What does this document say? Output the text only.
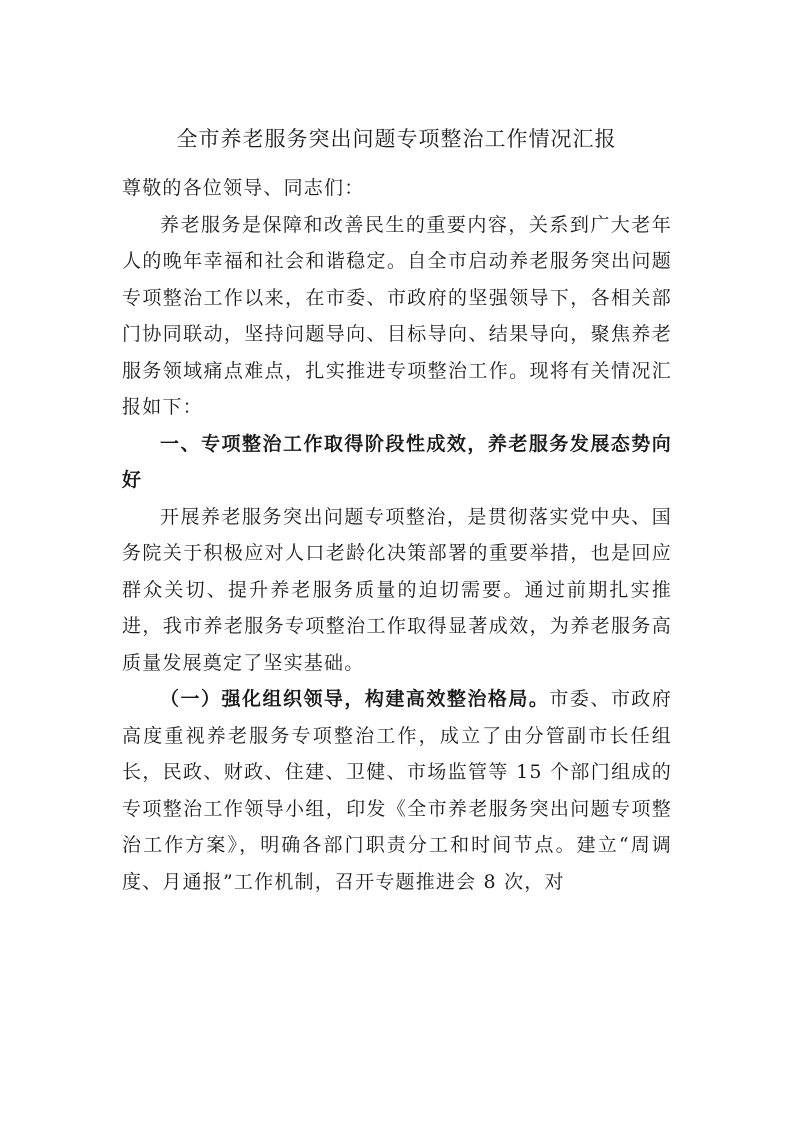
全市养老服务突出问题专项整治工作情况汇报

尊敬的各位领导、同志们：

养老服务是保障和改善民生的重要内容，关系到广大老年人的晚年幸福和社会和谐稳定。自全市启动养老服务突出问题专项整治工作以来，在市委、市政府的坚强领导下，各相关部门协同联动，坚持问题导向、目标导向、结果导向，聚焦养老服务领域痛点难点，扎实推进专项整治工作。现将有关情况汇报如下：

一、专项整治工作取得阶段性成效，养老服务发展态势向好

开展养老服务突出问题专项整治，是贯彻落实党中央、国务院关于积极应对人口老龄化决策部署的重要举措，也是回应群众关切、提升养老服务质量的迫切需要。通过前期扎实推进，我市养老服务专项整治工作取得显著成效，为养老服务高质量发展奠定了坚实基础。

（一）强化组织领导，构建高效整治格局。市委、市政府高度重视养老服务专项整治工作，成立了由分管副市长任组长，民政、财政、住建、卫健、市场监管等 15 个部门组成的专项整治工作领导小组，印发《全市养老服务突出问题专项整治工作方案》，明确各部门职责分工和时间节点。建立“周调度、月通报”工作机制，召开专题推进会 8 次，对
